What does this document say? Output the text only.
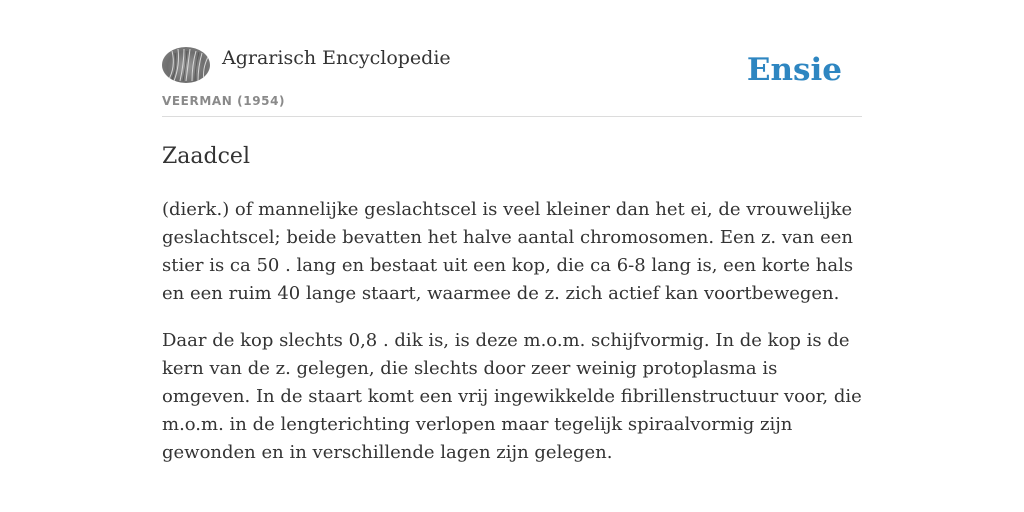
Agrarisch Encyclopedie
VEERMAN (1954)
Ensie
Zaadcel

(dierk.) of mannelijke geslachtscel is veel kleiner dan het ei, de vrouwelijke geslachtscel; beide bevatten het halve aantal chromosomen. Een z. van een stier is ca 50 . lang en bestaat uit een kop, die ca 6-8 lang is, een korte hals en een ruim 40 lange staart, waarmee de z. zich actief kan voortbewegen.

Daar de kop slechts 0,8 . dik is, is deze m.o.m. schijfvormig. In de kop is de kern van de z. gelegen, die slechts door zeer weinig protoplasma is omgeven. In de staart komt een vrij ingewikkelde fibrillenstructuur voor, die m.o.m. in de lengterichting verlopen maar tegelijk spiraalvormig zijn gewonden en in verschillende lagen zijn gelegen.
